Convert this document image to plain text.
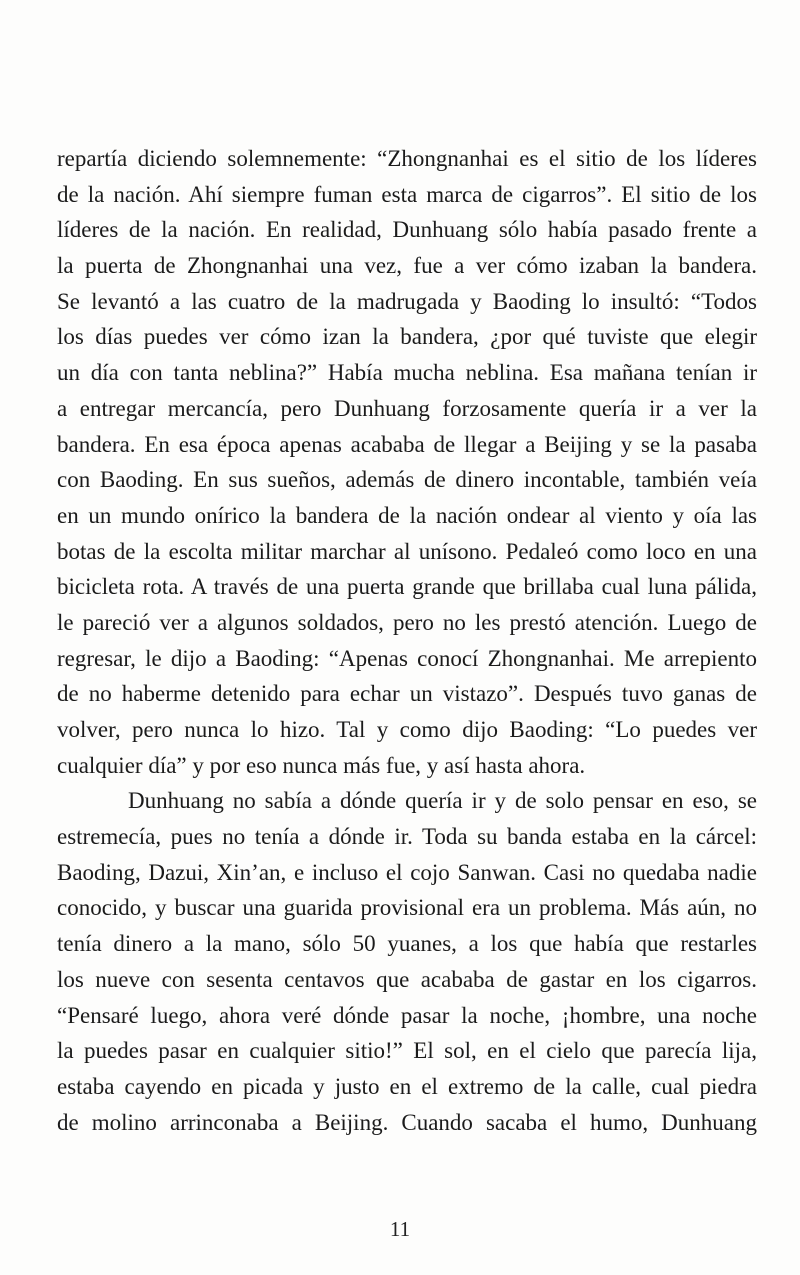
repartía diciendo solemnemente: “Zhongnanhai es el sitio de los líderes
de la nación. Ahí siempre fuman esta marca de cigarros”. El sitio de los
líderes de la nación. En realidad, Dunhuang sólo había pasado frente a
la puerta de Zhongnanhai una vez, fue a ver cómo izaban la bandera.
Se levantó a las cuatro de la madrugada y Baoding lo insultó: “Todos
los días puedes ver cómo izan la bandera, ¿por qué tuviste que elegir
un día con tanta neblina?” Había mucha neblina. Esa mañana tenían ir
a entregar mercancía, pero Dunhuang forzosamente quería ir a ver la
bandera. En esa época apenas acababa de llegar a Beijing y se la pasaba
con Baoding. En sus sueños, además de dinero incontable, también veía
en un mundo onírico la bandera de la nación ondear al viento y oía las
botas de la escolta militar marchar al unísono. Pedaleó como loco en una
bicicleta rota. A través de una puerta grande que brillaba cual luna pálida,
le pareció ver a algunos soldados, pero no les prestó atención. Luego de
regresar, le dijo a Baoding: “Apenas conocí Zhongnanhai. Me arrepiento
de no haberme detenido para echar un vistazo”. Después tuvo ganas de
volver, pero nunca lo hizo. Tal y como dijo Baoding: “Lo puedes ver
cualquier día” y por eso nunca más fue, y así hasta ahora.
Dunhuang no sabía a dónde quería ir y de solo pensar en eso, se
estremecía, pues no tenía a dónde ir. Toda su banda estaba en la cárcel:
Baoding, Dazui, Xin’an, e incluso el cojo Sanwan. Casi no quedaba nadie
conocido, y buscar una guarida provisional era un problema. Más aún, no
tenía dinero a la mano, sólo 50 yuanes, a los que había que restarles
los nueve con sesenta centavos que acababa de gastar en los cigarros.
“Pensaré luego, ahora veré dónde pasar la noche, ¡hombre, una noche
la puedes pasar en cualquier sitio!” El sol, en el cielo que parecía lija,
estaba cayendo en picada y justo en el extremo de la calle, cual piedra
de molino arrinconaba a Beijing. Cuando sacaba el humo, Dunhuang
11
